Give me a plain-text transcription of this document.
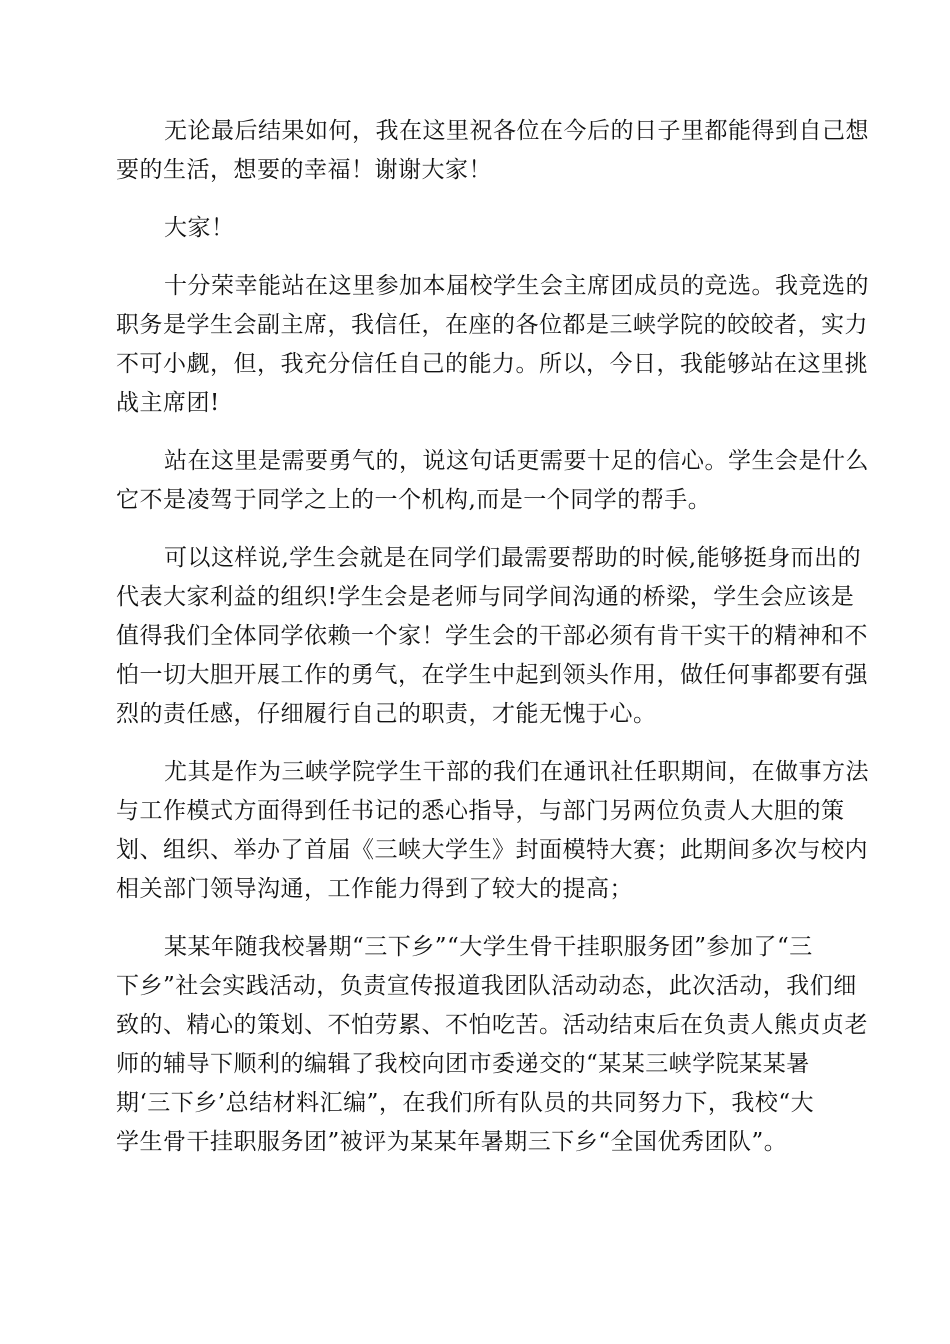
无论最后结果如何，我在这里祝各位在今后的日子里都能得到自己想
要的生活，想要的幸福！谢谢大家！

大家！

十分荣幸能站在这里参加本届校学生会主席团成员的竞选。我竞选的
职务是学生会副主席，我信任，在座的各位都是三峡学院的皎皎者，实力
不可小觑，但，我充分信任自己的能力。所以，今日，我能够站在这里挑
战主席团!

站在这里是需要勇气的，说这句话更需要十足的信心。学生会是什么
它不是凌驾于同学之上的一个机构,而是一个同学的帮手。

可以这样说,学生会就是在同学们最需要帮助的时候,能够挺身而出的
代表大家利益的组织!学生会是老师与同学间沟通的桥梁，学生会应该是
值得我们全体同学依赖一个家！学生会的干部必须有肯干实干的精神和不
怕一切大胆开展工作的勇气，在学生中起到领头作用，做任何事都要有强
烈的责任感，仔细履行自己的职责，才能无愧于心。

尤其是作为三峡学院学生干部的我们在通讯社任职期间，在做事方法
与工作模式方面得到任书记的悉心指导，与部门另两位负责人大胆的策
划、组织、举办了首届《三峡大学生》封面模特大赛；此期间多次与校内
相关部门领导沟通，工作能力得到了较大的提高；

某某年随我校暑期“三下乡”“大学生骨干挂职服务团”参加了“三
下乡”社会实践活动，负责宣传报道我团队活动动态，此次活动，我们细
致的、精心的策划、不怕劳累、不怕吃苦。活动结束后在负责人熊贞贞老
师的辅导下顺利的编辑了我校向团市委递交的“某某三峡学院某某暑
期‘三下乡’总结材料汇编”，在我们所有队员的共同努力下，我校“大
学生骨干挂职服务团”被评为某某年暑期三下乡“全国优秀团队”。
